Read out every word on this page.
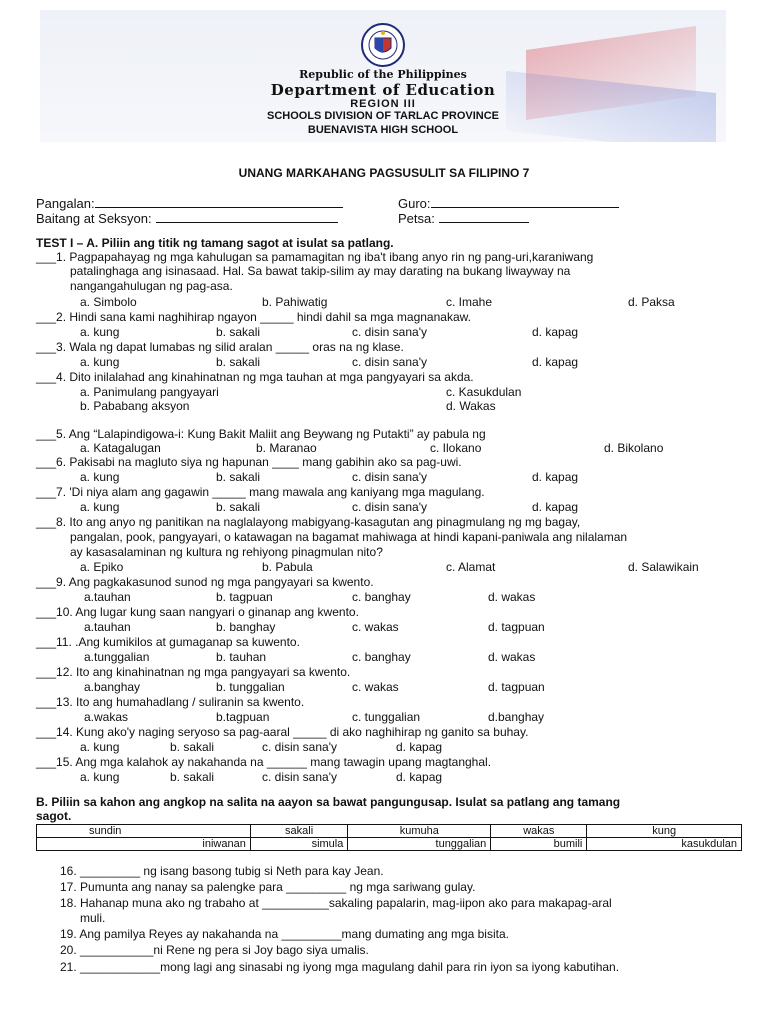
Republic of the Philippines
Department of Education
REGION III
SCHOOLS DIVISION OF TARLAC PROVINCE
BUENAVISTA HIGH SCHOOL
UNANG MARKAHANG PAGSUSULIT SA FILIPINO 7
Pangalan:	Guro:
Baitang at Seksyon:	Petsa:
TEST I – A. Piliin ang titik ng tamang sagot at isulat sa patlang.
___1. Pagpapahayag ng mga kahulugan sa pamamagitan ng iba't ibang anyo rin ng pang-uri,karaniwang
patalinghaga ang isinasaad. Hal. Sa bawat takip-silim ay may darating na bukang liwayway na
nangangahulugan ng pag-asa.
a. Simbolo	b. Pahiwatig	c. Imahe	d. Paksa
___2. Hindi sana kami naghihirap ngayon _____ hindi dahil sa mga magnanakaw.
a. kung	b. sakali	c. disin sana'y	d. kapag
___3. Wala ng dapat lumabas ng silid aralan _____ oras na ng klase.
a. kung	b. sakali	c. disin sana'y	d. kapag
___4. Dito inilalahad ang kinahinatnan ng mga tauhan at mga pangyayari sa akda.
a. Panimulang pangyayari	c. Kasukdulan
b. Pababang aksyon	d. Wakas
___5. Ang “Lalapindigowa-i: Kung Bakit Maliit ang Beywang ng Putakti” ay pabula ng
a. Katagalugan	b. Maranao	c. Ilokano	d. Bikolano
___6. Pakisabi na magluto siya ng hapunan ____ mang gabihin ako sa pag-uwi.
a. kung	b. sakali	c. disin sana'y	d. kapag
___7. 'Di niya alam ang gagawin _____ mang mawala ang kaniyang mga magulang.
a. kung	b. sakali	c. disin sana'y	d. kapag
___8. Ito ang anyo ng panitikan na naglalayong mabigyang-kasagutan ang pinagmulang ng mg bagay,
pangalan, pook, pangyayari, o katawagan na bagamat mahiwaga at hindi kapani-paniwala ang nilalaman
ay kasasalaminan ng kultura ng rehiyong pinagmulan nito?
a. Epiko	b. Pabula	c. Alamat	d. Salawikain
___9. Ang pagkakasunod sunod ng mga pangyayari sa kwento.
a.tauhan	b. tagpuan	c. banghay	d. wakas
___10. Ang lugar kung saan nangyari o ginanap ang kwento.
a.tauhan	b. banghay	c. wakas	d. tagpuan
___11. .Ang kumikilos at gumaganap sa kuwento.
a.tunggalian	b. tauhan	c. banghay	d. wakas
___12. Ito ang kinahinatnan ng mga pangyayari sa kwento.
a.banghay	b. tunggalian	c. wakas	d. tagpuan
___13. Ito ang humahadlang / suliranin sa kwento.
a.wakas	b.tagpuan	c. tunggalian	d.banghay
___14. Kung ako'y naging seryoso sa pag-aaral _____ di ako naghihirap ng ganito sa buhay.
a. kung	b. sakali	c. disin sana'y	d. kapag
___15. Ang mga kalahok ay nakahanda na ______ mang tawagin upang magtanghal.
a. kung	b. sakali	c. disin sana'y	d. kapag
B. Piliin sa kahon ang angkop na salita na aayon sa bawat pangungusap. Isulat sa patlang ang tamang
sagot.
sundin	sakali	kumuha	wakas	kung
iniwanan	simula	tunggalian	bumili	kasukdulan
16. _________ ng isang basong tubig si Neth para kay Jean.
17. Pumunta ang nanay sa palengke para _________ ng mga sariwang gulay.
18. Hahanap muna ako ng trabaho at __________sakaling papalarin, mag-iipon ako para makapag-aral
muli.
19. Ang pamilya Reyes ay nakahanda na _________mang dumating ang mga bisita.
20. ___________ni Rene ng pera si Joy bago siya umalis.
21. ____________mong lagi ang sinasabi ng iyong mga magulang dahil para rin iyon sa iyong kabutihan.
